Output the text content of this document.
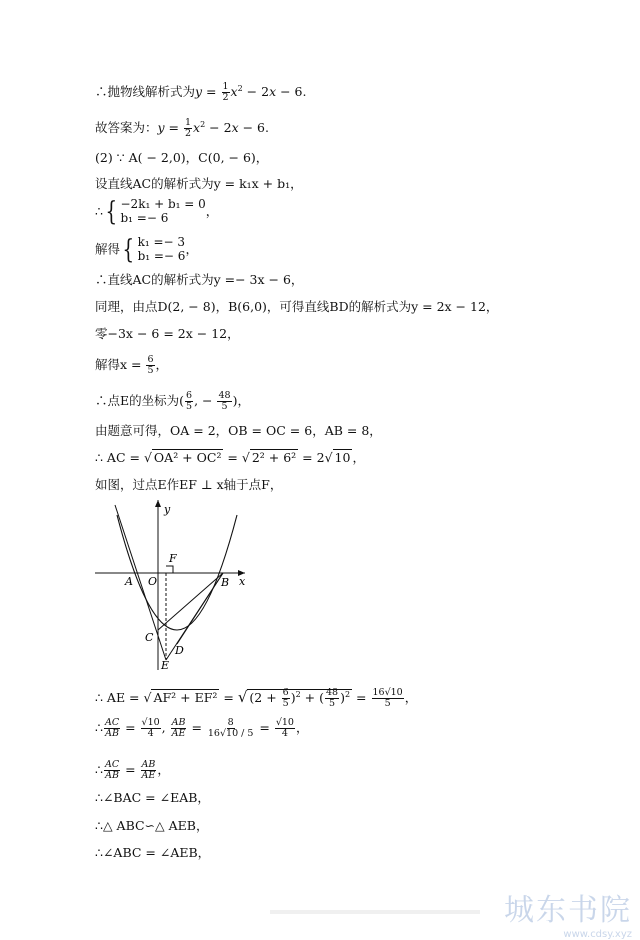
∴抛物线解析式为$y = \frac{1}{2} x^2 - 2x - 6$.
故答案为：$y = \frac{1}{2} x^2 - 2x - 6$.
(2) ∵ A( − 2,0)，C(0, − 6)，
设直线AC的解析式为y = k₁x + b₁，
∴ { −2k₁ + b₁ = 0
b₁ =− 6	，
解得 { k₁ =− 3
b₁ =− 6 ，
∴直线AC的解析式为y =− 3x − 6，
同理，由点D(2, − 8)，B(6,0)，可得直线BD的解析式为y = 2x − 12，
零−3x − 6 = 2x − 12，
解得$x = \frac{6}{5}$ ，
∴点E的坐标为( $\frac{6}{5}$ , − $\frac{48}{5}$ )，
由题意可得，OA = 2，OB = OC = 6，AB = 8，
∴ AC = √ OA² + OC² = √ 2² + 6² = 2√ 10 ，
如图，过点E作EF ⊥ x轴于点F，
y
x
A O
F
B
C
D
E
∴ AE = √ AF² + EF² = √ $(2 + \frac{6}{5} )^2$ + ( $\frac{48}{5} )^2 = \frac{16√10}{5}$ ，
∴ $\frac{AC}{AB} = \frac{√10}{4}$ , $\frac{AB}{AE} = \frac{8}{16√10 / 5} = \frac{√10}{4}$ ，
∴ $\frac{AC}{AB} = \frac{AB}{AE}$ ，
∴∠BAC = ∠EAB，
∴△ ABC∽△ AEB，
∴∠ABC = ∠AEB，
城东书院
www.cdsy.xyz
